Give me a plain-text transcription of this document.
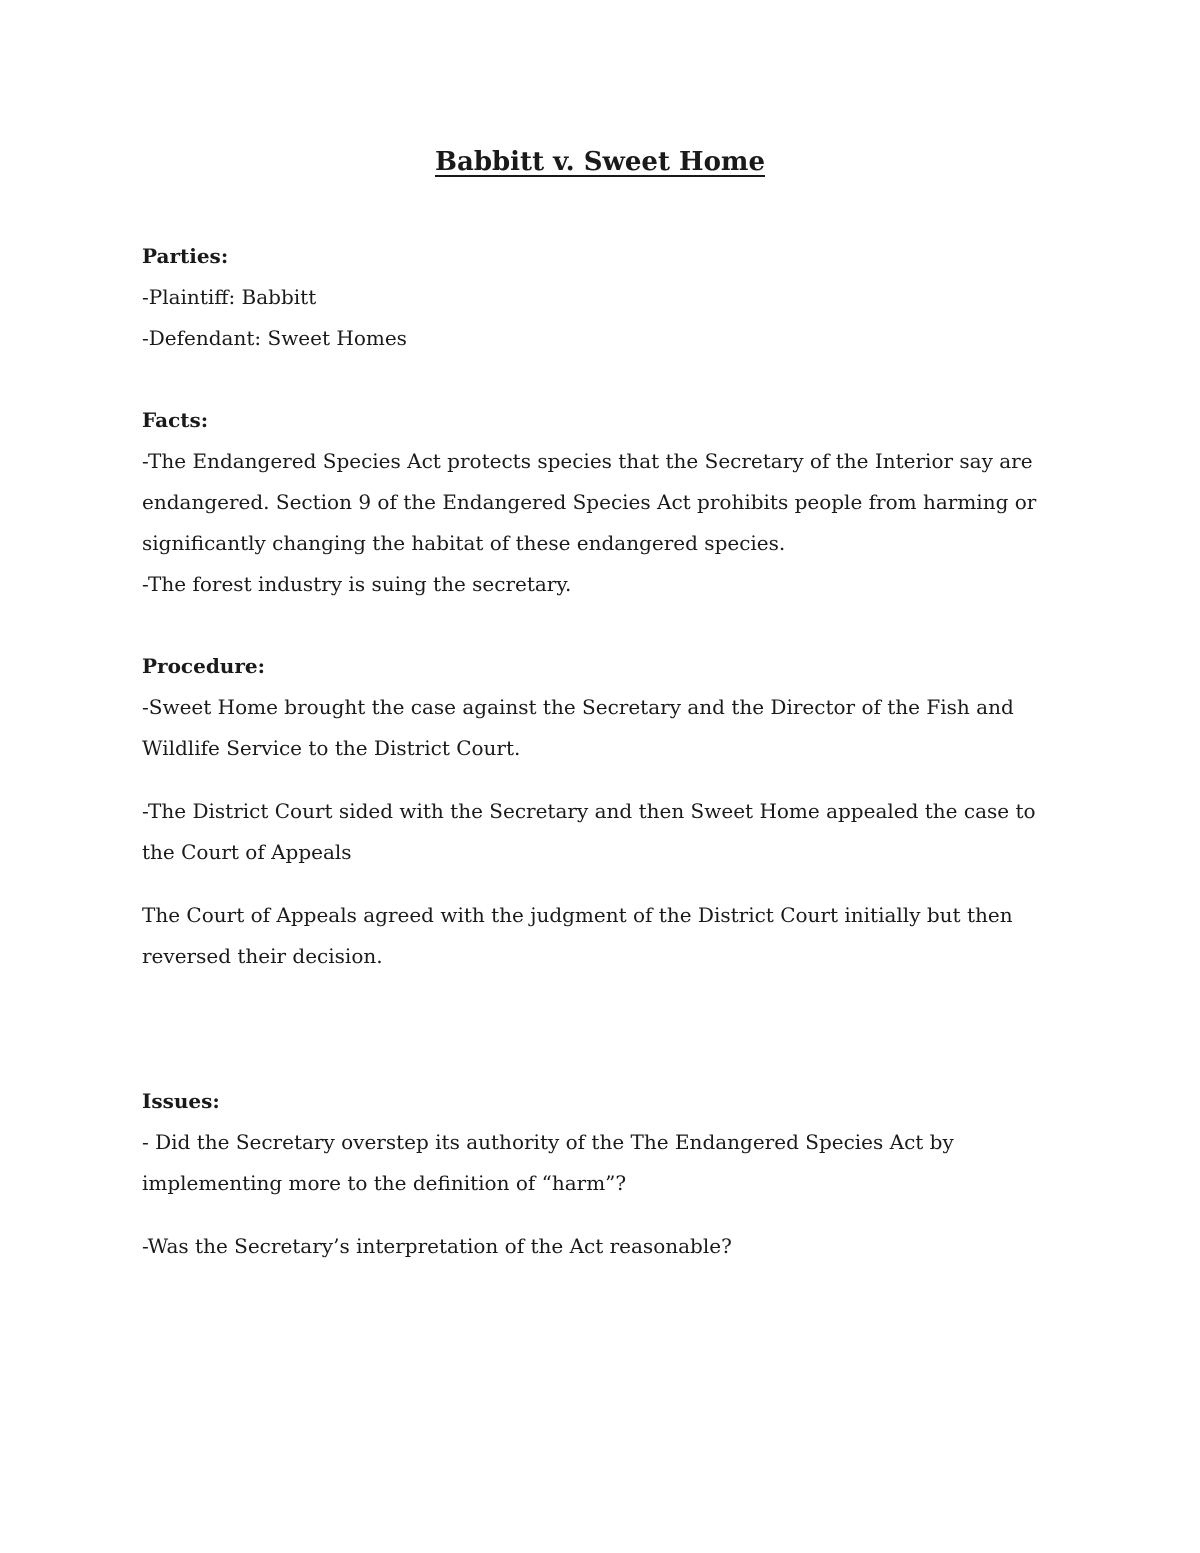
Babbitt v. Sweet Home
Parties:
-Plaintiff: Babbitt
-Defendant: Sweet Homes
Facts:
-The Endangered Species Act protects species that the Secretary of the Interior say are
endangered. Section 9 of the Endangered Species Act prohibits people from harming or
significantly changing the habitat of these endangered species.
-The forest industry is suing the secretary.
Procedure:
-Sweet Home brought the case against the Secretary and the Director of the Fish and
Wildlife Service to the District Court.
-The District Court sided with the Secretary and then Sweet Home appealed the case to
the Court of Appeals
The Court of Appeals agreed with the judgment of the District Court initially but then
reversed their decision.
Issues:
- Did the Secretary overstep its authority of the The Endangered Species Act by
implementing more to the definition of “harm”?
-Was the Secretary’s interpretation of the Act reasonable?
